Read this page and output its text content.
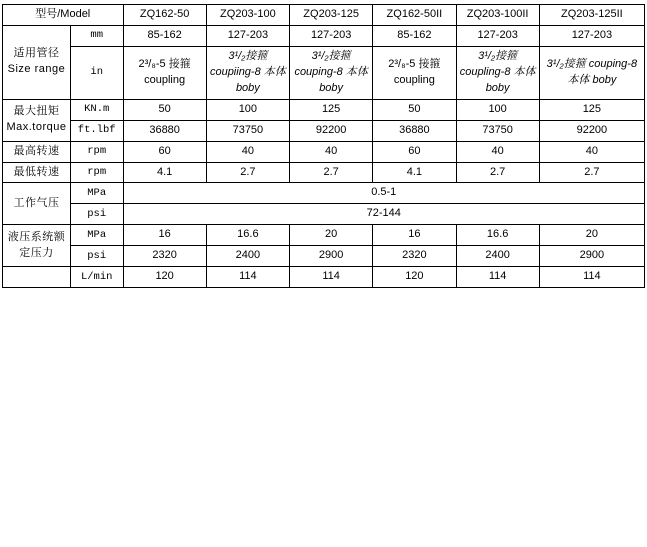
型号/Model		ZQ162-50	ZQ203-100	ZQ203-125	ZQ162-50II	ZQ203-100II	ZQ203-125II
适用管径 Size range	mm	85-162	127-203	127-203	85-162	127-203	127-203
	in	2³/₈-5 接箍 coupling	3¹/₂接箍 coupiing-8 本体 boby	3¹/₂接箍 couping-8 本体 boby	2³/₈-5 接箍 coupling	3¹/₂接箍 coupling-8 本体 boby	3¹/₂接箍 couping-8 本体 boby
最大扭矩 Max.torque	KN.m	50	100	125	50	100	125
	ft.lbf	36880	73750	92200	36880	73750	92200
最高转速	rpm	60	40	40	60	40	40
最低转速	rpm	4.1	2.7	2.7	4.1	2.7	2.7
工作气压	MPa	0.5-1					
	psi	72-144					
液压系统额定压力	MPa	16	16.6	20	16	16.6	20
	psi	2320	2400	2900	2320	2400	2900
	L/min	120	114	114	120	114	114
